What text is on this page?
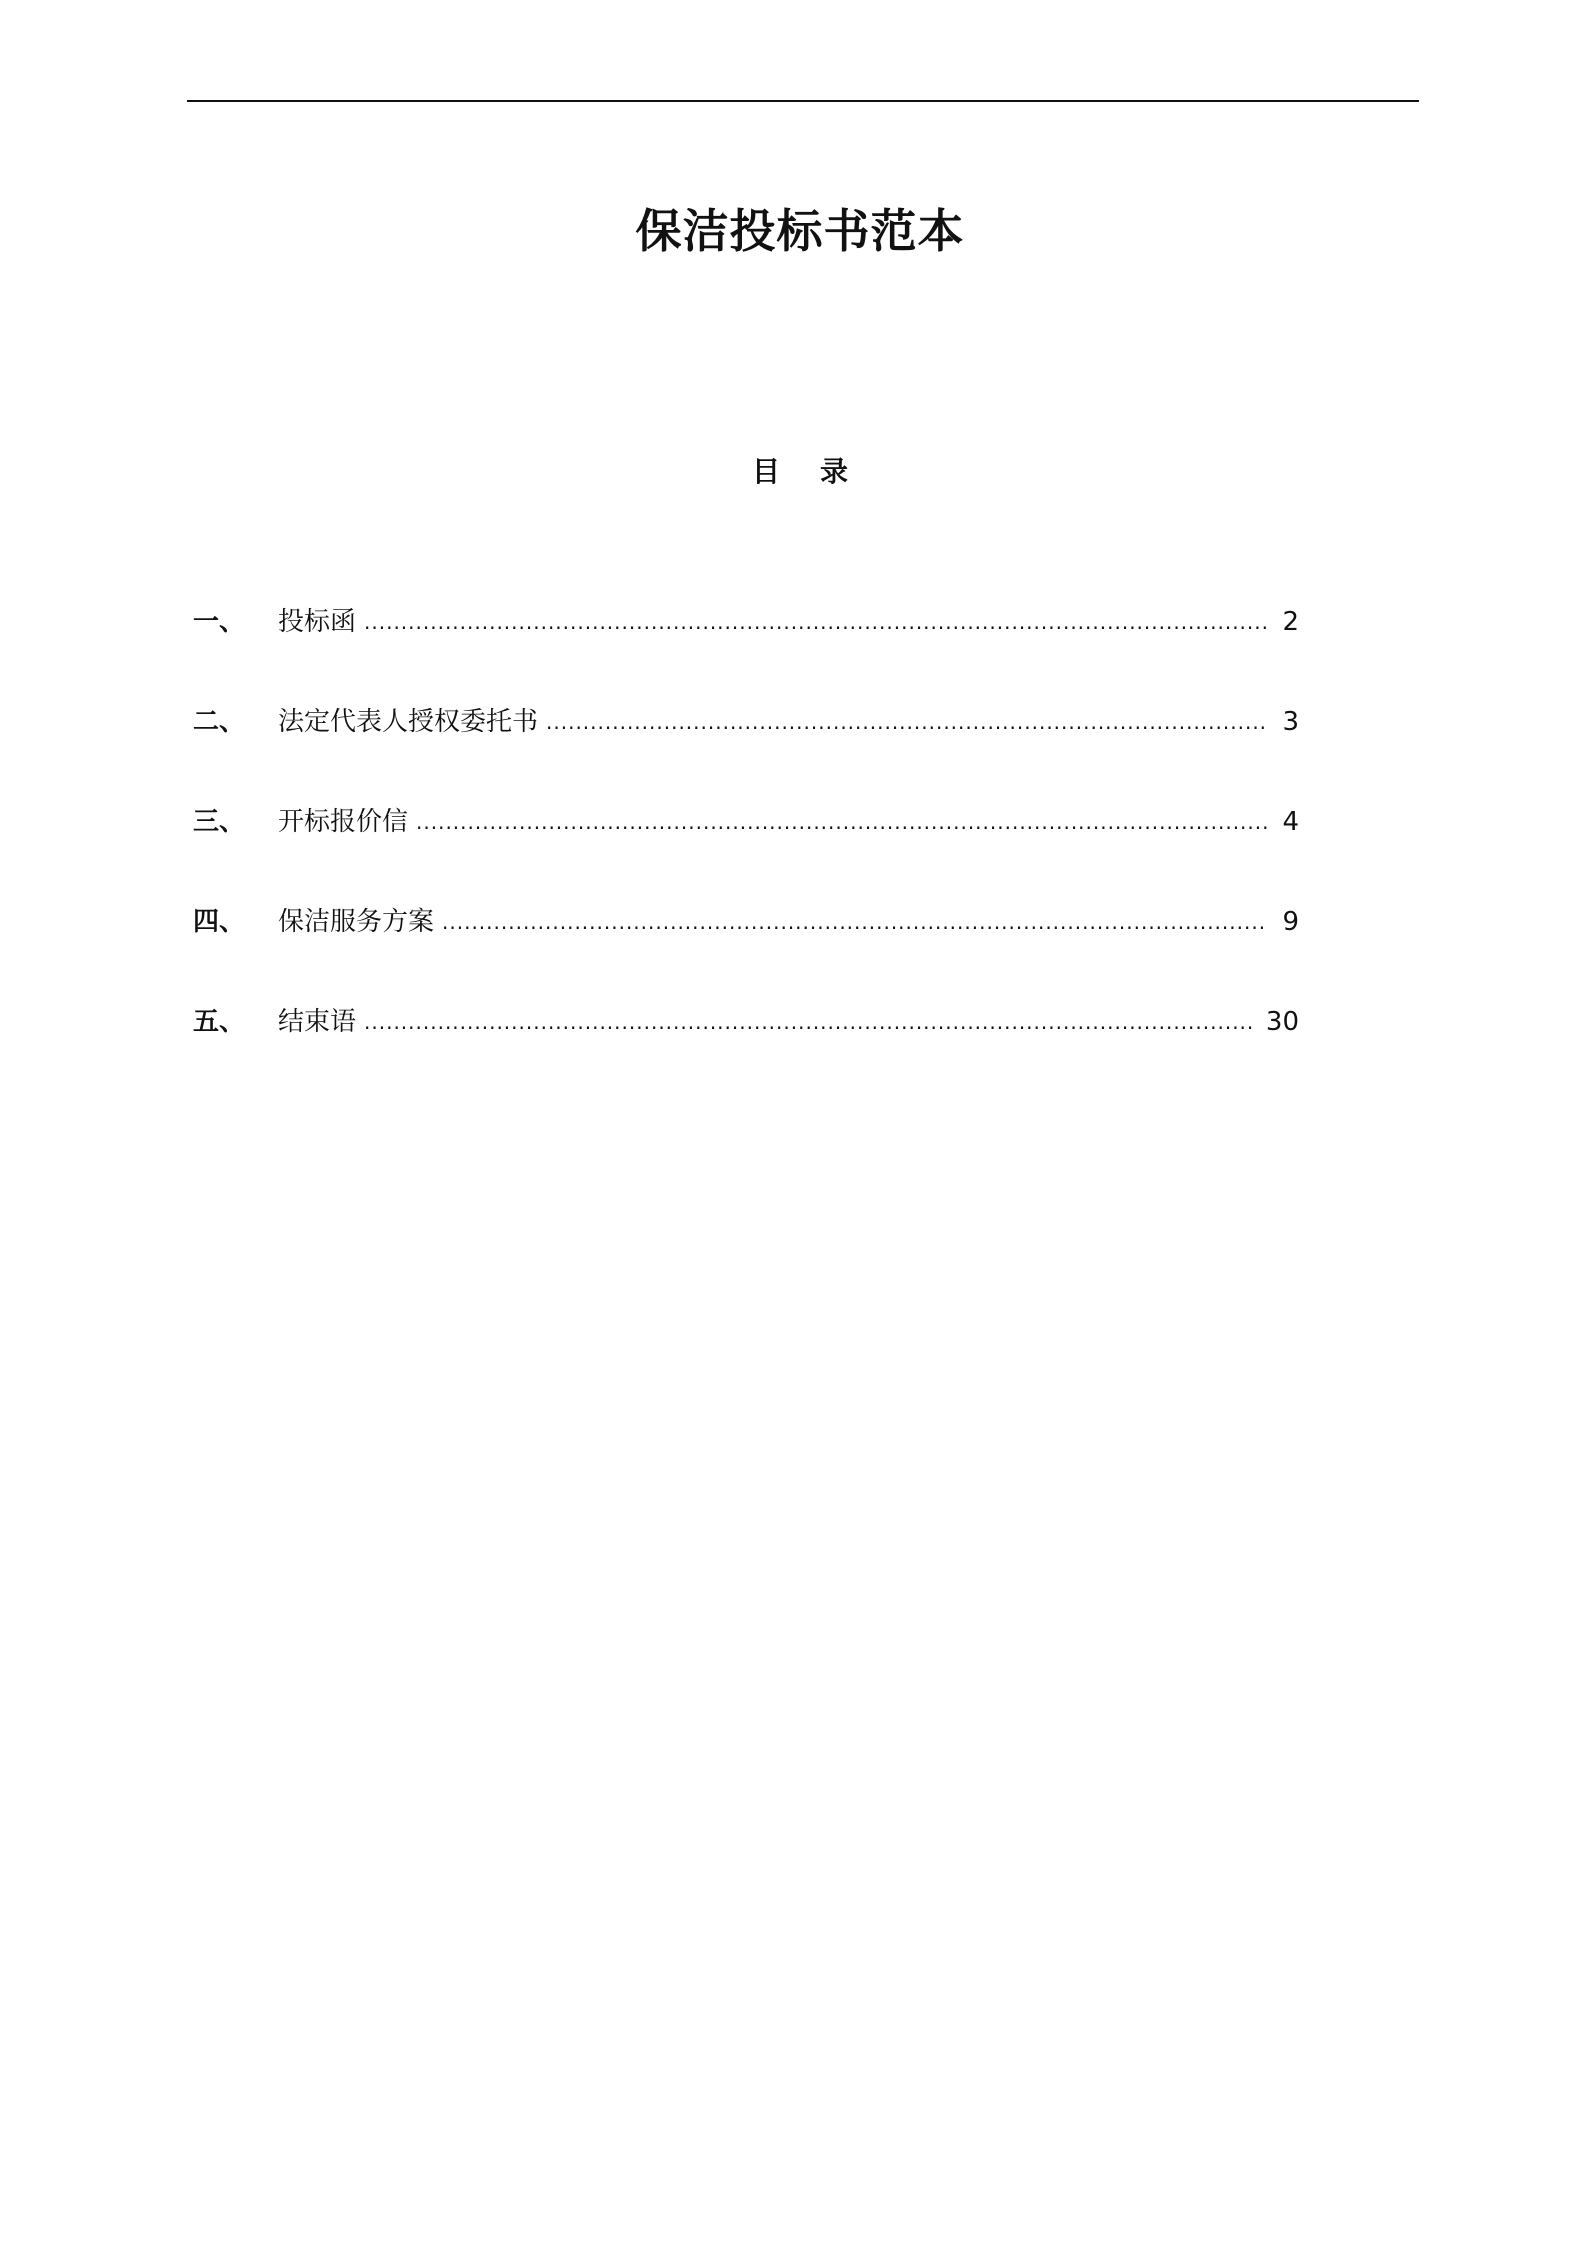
保洁投标书范本
目 录
一、	投标函 .....	2
二、	法定代表人授权委托书 .....	3
三、	开标报价信 .....	4
四、	保洁服务方案 .....	9
五、	结束语 .....	30
